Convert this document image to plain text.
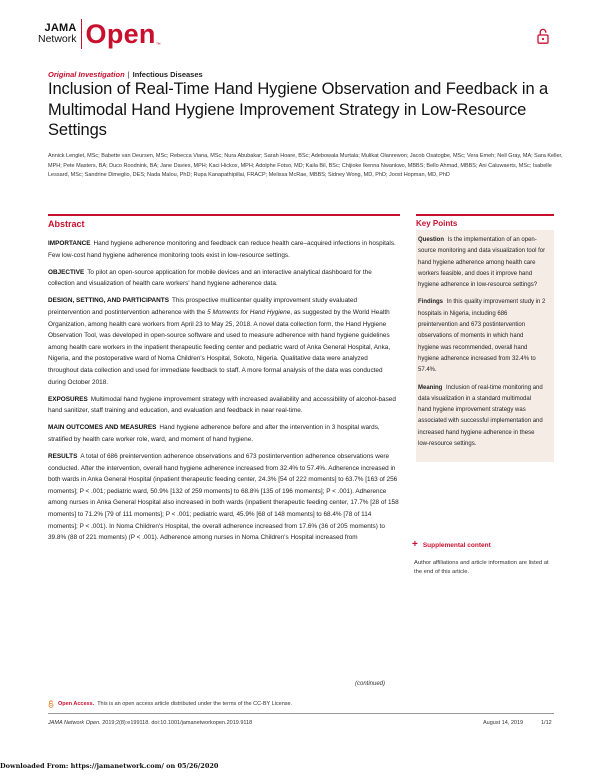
JAMA
Network Open ™
Original Investigation | Infectious Diseases
Inclusion of Real-Time Hand Hygiene Observation and Feedback in a Multimodal Hand Hygiene Improvement Strategy in Low-Resource Settings
Annick Lenglet, MSc; Babette van Deursen, MSc; Rebecca Viana, MSc; Nura Abubakar; Sarah Hoare, BSc; Adebowala Murtala; Mulikat Olanrewon; Jacob Osatogbe, MSc; Vera Emeh; Nell Gray, MA; Sara Keller, MPH; Pete Masters, BA; Duco Roodnink, BA; Jane Davies, MPH; Kaci Hickox, MPH; Adolphe Fotso, MD; Kaila Bil, BSc; Chijioke Ikenna Nwankwo, MBBS; Bello Ahmad, MBBS; Ani Caluwaerts, MSc; Isabelle Lessard, MSc; Sandrine Dimeglio, DES; Nada Malou, PhD; Rupa Kanapathipillai, FRACP; Melissa McRae, MBBS; Sidney Wong, MD, PhD; Joost Hopman, MD, PhD
Abstract

IMPORTANCE Hand hygiene adherence monitoring and feedback can reduce health care–acquired infections in hospitals. Few low-cost hand hygiene adherence monitoring tools exist in low-resource settings.

OBJECTIVE To pilot an open-source application for mobile devices and an interactive analytical dashboard for the collection and visualization of health care workers' hand hygiene adherence data.

DESIGN, SETTING, AND PARTICIPANTS This prospective multicenter quality improvement study evaluated preintervention and postintervention adherence with the 5 Moments for Hand Hygiene, as suggested by the World Health Organization, among health care workers from April 23 to May 25, 2018. A novel data collection form, the Hand Hygiene Observation Tool, was developed in open-source software and used to measure adherence with hand hygiene guidelines among health care workers in the inpatient therapeutic feeding center and pediatric ward of Anka General Hospital, Anka, Nigeria, and the postoperative ward of Noma Children's Hospital, Sokoto, Nigeria. Qualitative data were analyzed throughout data collection and used for immediate feedback to staff. A more formal analysis of the data was conducted during October 2018.

EXPOSURES Multimodal hand hygiene improvement strategy with increased availability and accessibility of alcohol-based hand sanitizer, staff training and education, and evaluation and feedback in near real-time.

MAIN OUTCOMES AND MEASURES Hand hygiene adherence before and after the intervention in 3 hospital wards, stratified by health care worker role, ward, and moment of hand hygiene.

RESULTS A total of 686 preintervention adherence observations and 673 postintervention adherence observations were conducted. After the intervention, overall hand hygiene adherence increased from 32.4% to 57.4%. Adherence increased in both wards in Anka General Hospital (inpatient therapeutic feeding center, 24.3% [54 of 222 moments] to 63.7% [163 of 256 moments]; P < .001; pediatric ward, 50.9% [132 of 259 moments] to 68.8% [135 of 196 moments]; P < .001). Adherence among nurses in Anka General Hospital also increased in both wards (inpatient therapeutic feeding center, 17.7% [28 of 158 moments] to 71.2% [79 of 111 moments]; P < .001; pediatric ward, 45.9% [68 of 148 moments] to 68.4% [78 of 114 moments]; P < .001). In Noma Children's Hospital, the overall adherence increased from 17.6% (36 of 205 moments) to 39.8% (88 of 221 moments) (P < .001). Adherence among nurses in Noma Children's Hospital increased from

(continued)
Key Points

Question Is the implementation of an open-source monitoring and data visualization tool for hand hygiene adherence among health care workers feasible, and does it improve hand hygiene adherence in low-resource settings?

Findings In this quality improvement study in 2 hospitals in Nigeria, including 686 preintervention and 673 postintervention observations of moments in which hand hygiene was recommended, overall hand hygiene adherence increased from 32.4% to 57.4%.

Meaning Inclusion of real-time monitoring and data visualization in a standard multimodal hand hygiene improvement strategy was associated with successful implementation and increased hand hygiene adherence in these low-resource settings.

+ Supplemental content
Author affiliations and article information are listed at the end of this article.
Open Access. This is an open access article distributed under the terms of the CC-BY License.
JAMA Network Open. 2019;2(8):e199118. doi:10.1001/jamanetworkopen.2019.9118	August 14, 2019	1/12
Downloaded From: https://jamanetwork.com/ on 05/26/2020
